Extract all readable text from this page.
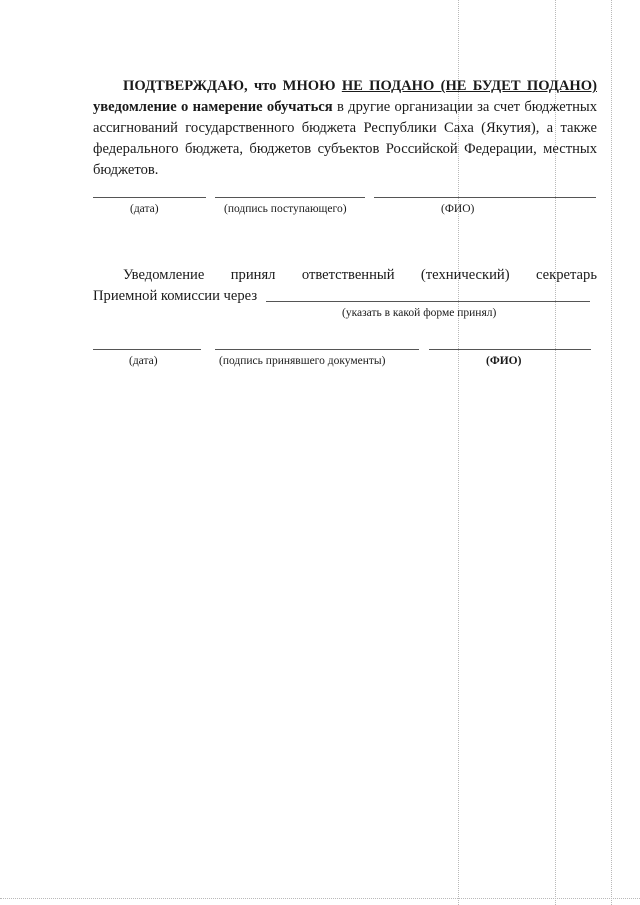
ПОДТВЕРЖДАЮ, что МНОЮ НЕ ПОДАНО (НЕ БУДЕТ ПОДАНО) уведомление о намерение обучаться в другие организации за счет бюджетных ассигнований государственного бюджета Республики Саха (Якутия), а также федерального бюджета, бюджетов субъектов Российской Федерации, местных бюджетов.

(дата)	(подпись поступающего)	(ФИО)

Уведомление принял ответственный (технический) секретарь

Приемной комиссии через

(указать в какой форме принял)
(дата)	(подпись принявшего документы)	(ФИО)
